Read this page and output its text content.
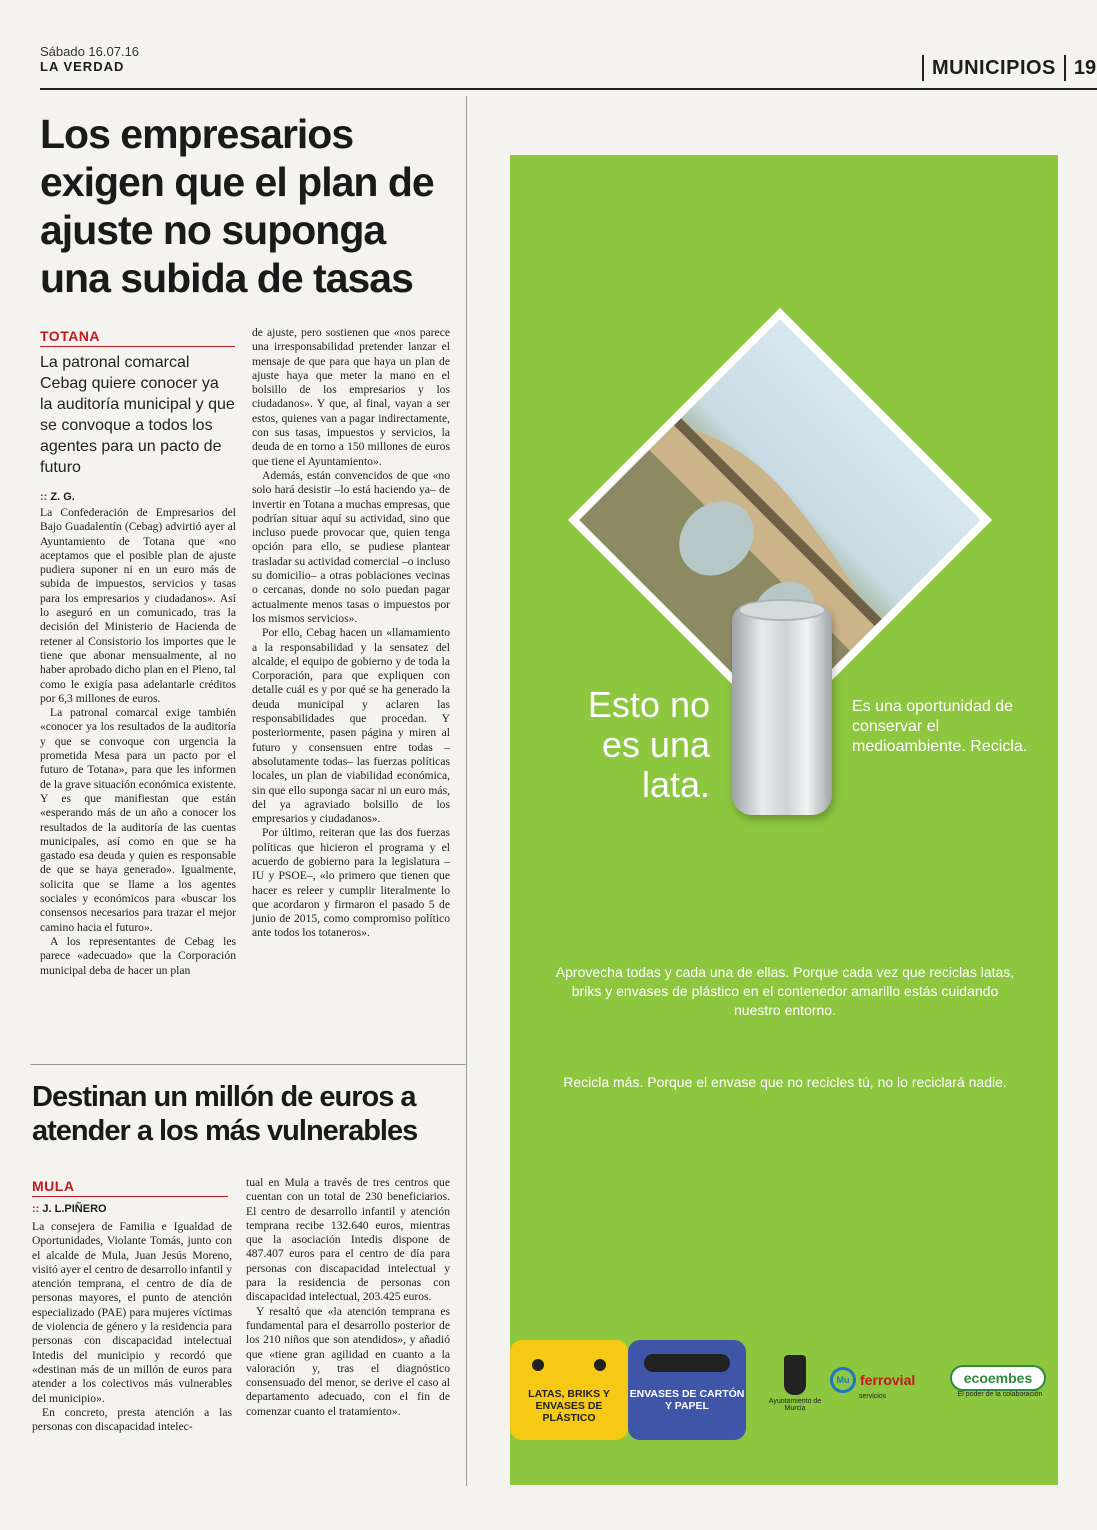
Sábado 16.07.16
LA VERDAD	MUNICIPIOS 19
Los empresarios exigen que el plan de ajuste no suponga una subida de tasas
TOTANA
La patronal comarcal Cebag quiere conocer ya la auditoría municipal y que se convoque a todos los agentes para un pacto de futuro
:: Z. G.

La Confederación de Empresarios del Bajo Guadalentín (Cebag) advirtió ayer al Ayuntamiento de Totana que «no aceptamos que el posible plan de ajuste pudiera suponer ni en un euro más de subida de impuestos, servicios y tasas para los empresarios y ciudadanos». Así lo aseguró en un comunicado, tras la decisión del Ministerio de Hacienda de retener al Consistorio los importes que le tiene que abonar mensualmente, al no haber aprobado dicho plan en el Pleno, tal como le exigía pasa adelantarle créditos por 6,3 millones de euros.

La patronal comarcal exige también «conocer ya los resultados de la auditoría y que se convoque con urgencia la prometida Mesa para un pacto por el futuro de Totana», para que les informen de la grave situación económica existente. Y es que manifiestan que están «esperando más de un año a conocer los resultados de la auditoría de las cuentas municipales, así como en que se ha gastado esa deuda y quien es responsable de que se haya generado». Igualmente, solicita que se llame a los agentes sociales y económicos para «buscar los consensos necesarios para trazar el mejor camino hacia el futuro».

A los representantes de Cebag les parece «adecuado» que la Corporación municipal deba de hacer un plan

de ajuste, pero sostienen que «nos parece una irresponsabilidad pretender lanzar el mensaje de que para que haya un plan de ajuste haya que meter la mano en el bolsillo de los empresarios y los ciudadanos». Y que, al final, vayan a ser estos, quienes van a pagar indirectamente, con sus tasas, impuestos y servicios, la deuda de en torno a 150 millones de euros que tiene el Ayuntamiento».

Además, están convencidos de que «no solo hará desistir –lo está haciendo ya– de invertir en Totana a muchas empresas, que podrían situar aquí su actividad, sino que incluso puede provocar que, quien tenga opción para ello, se pudiese plantear trasladar su actividad comercial –o incluso su domicilio– a otras poblaciones vecinas o cercanas, donde no solo puedan pagar actualmente menos tasas o impuestos por los mismos servicios».

Por ello, Cebag hacen un «llamamiento a la responsabilidad y la sensatez del alcalde, el equipo de gobierno y de toda la Corporación, para que expliquen con detalle cuál es y por qué se ha generado la deuda municipal y aclaren las responsabilidades que procedan. Y posteriormente, pasen página y miren al futuro y consensuen entre todas –absolutamente todas– las fuerzas políticas locales, un plan de viabilidad económica, sin que ello suponga sacar ni un euro más, del ya agraviado bolsillo de los empresarios y ciudadanos».

Por último, reiteran que las dos fuerzas políticas que hicieron el programa y el acuerdo de gobierno para la legislatura –IU y PSOE–, «lo primero que tienen que hacer es releer y cumplir literalmente lo que acordaron y firmaron el pasado 5 de junio de 2015, como compromiso político ante todos los totaneros».

Destinan un millón de euros a atender a los más vulnerables
MULA
:: J. L.PIÑERO

La consejera de Familia e Igualdad de Oportunidades, Violante Tomás, junto con el alcalde de Mula, Juan Jesús Moreno, visitó ayer el centro de desarrollo infantil y atención temprana, el centro de día de personas mayores, el punto de atención especializado (PAE) para mujeres víctimas de violencia de género y la residencia para personas con discapacidad intelectual Intedis del municipio y recordó que «destinan más de un millón de euros para atender a los colectivos más vulnerables del municipio».

En concreto, presta atención a las personas con discapacidad intelec-

tual en Mula a través de tres centros que cuentan con un total de 230 beneficiarios. El centro de desarrollo infantil y atención temprana recibe 132.640 euros, mientras que la asociación Intedis dispone de 487.407 euros para el centro de día para personas con discapacidad intelectual y para la residencia de personas con discapacidad intelectual, 203.425 euros.

Y resaltó que «la atención temprana es fundamental para el desarrollo posterior de los 210 niños que son atendidos», y añadió que «tiene gran agilidad en cuanto a la valoración y, tras el diagnóstico consensuado del menor, se derive el caso al departamento adecuado, con el fin de comenzar cuanto el tratamiento».

Esto no es una lata.
Es una oportunidad de conservar el medioambiente. Recicla.
Aprovecha todas y cada una de ellas. Porque cada vez que reciclas latas, briks y envases de plástico en el contenedor amarillo estás cuidando nuestro entorno.
Recicla más. Porque el envase que no recicles tú, no lo reciclará nadie.
LATAS, BRIKS Y ENVASES DE PLÁSTICO
ENVASES DE CARTÓN Y PAPEL	Ayuntamiento de Murcia
Mu ferrovial
servicios
ecoembes
El poder de la colaboración
